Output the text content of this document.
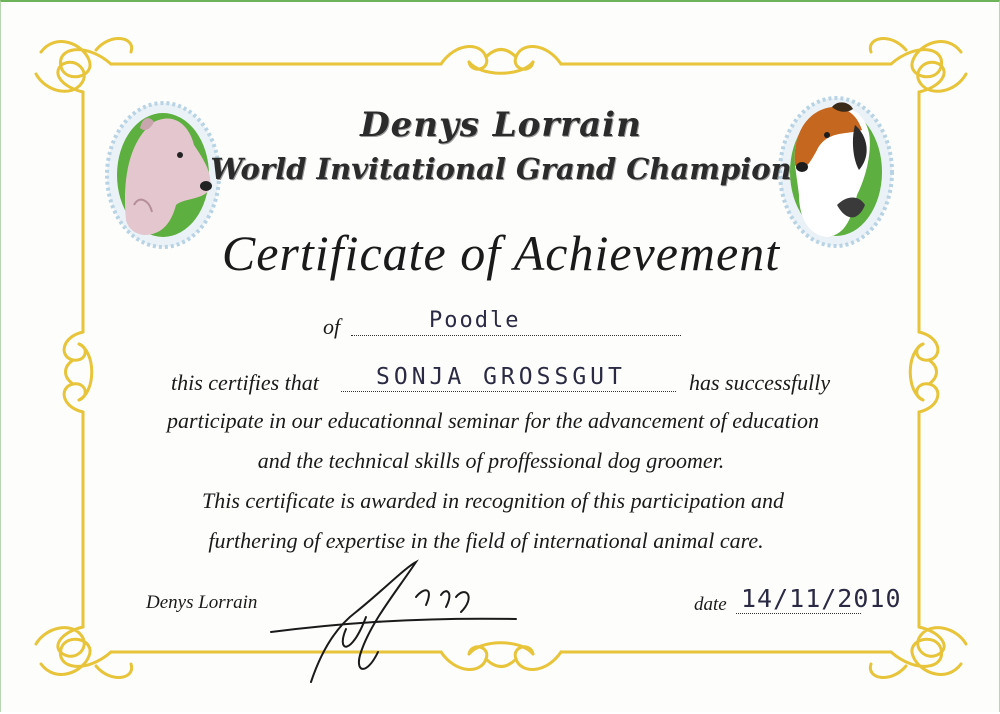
Denys Lorrain
World Invitational Grand Champion
Certificate of Achievement
of	Poodle
this certifies that SONJA GROSSGUT	has successfully
participate in our educationnal seminar for the advancement of education
and the technical skills of proffessional dog groomer.
This certificate is awarded in recognition of this participation and
furthering of expertise in the field of international animal care.
Denys Lorrain	date 14/11/2010
